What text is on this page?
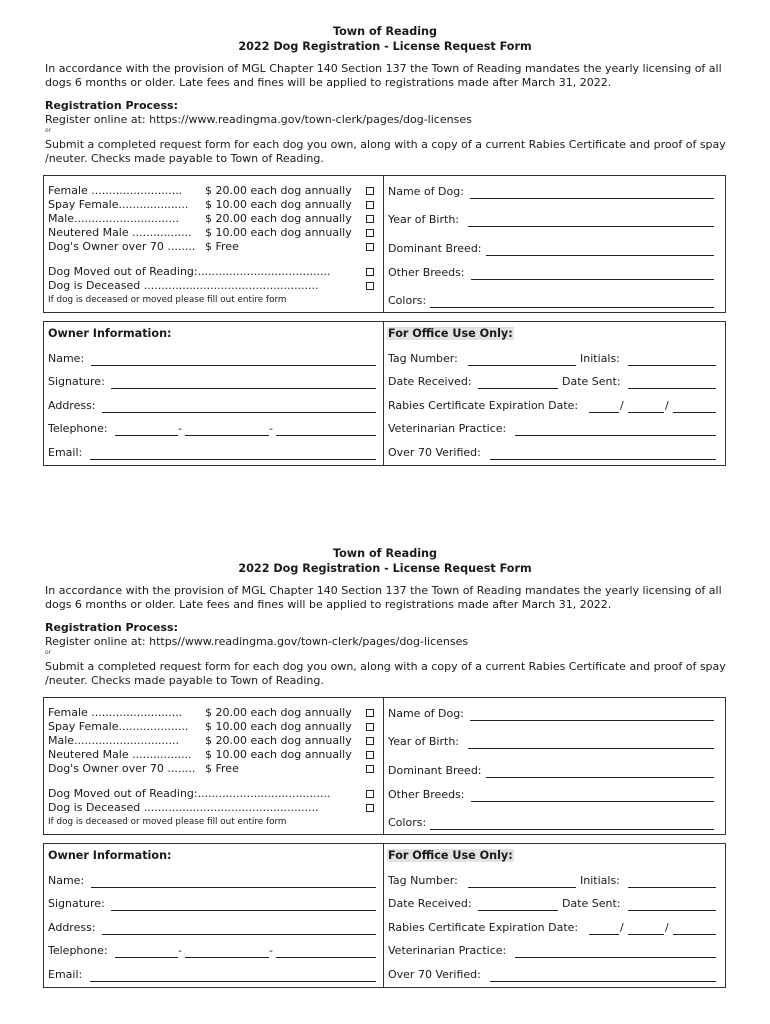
Town of Reading
2022 Dog Registration - License Request Form
In accordance with the provision of MGL Chapter 140 Section 137 the Town of Reading mandates the yearly licensing of all dogs 6 months or older. Late fees and fines will be applied to registrations made after March 31, 2022.
Registration Process:
Register online at: https://www.readingma.gov/town-clerk/pages/dog-licenses
or
Submit a completed request form for each dog you own, along with a copy of a current Rabies Certificate and proof of spay /neuter. Checks made payable to Town of Reading.
Female .......................... $ 20.00 each dog annually
Spay Female.................... $ 10.00 each dog annually
Male.............................. $ 20.00 each dog annually
Neutered Male ................. $ 10.00 each dog annually
Dog's Owner over 70 ........ $ Free
Dog Moved out of Reading:......................................
Dog is Deceased ..................................................
If dog is deceased or moved please fill out entire form
Name of Dog:
Year of Birth:
Dominant Breed:
Other Breeds:
Colors:
Owner Information:	For Office Use Only:
Name:
Signature:
Address:
Telephone:	-	-
Email:
Tag Number:	Initials:
Date Received:	Date Sent:
Rabies Certificate Expiration Date:	/	/
Veterinarian Practice:
Over 70 Verified:
Town of Reading
2022 Dog Registration - License Request Form
In accordance with the provision of MGL Chapter 140 Section 137 the Town of Reading mandates the yearly licensing of all dogs 6 months or older. Late fees and fines will be applied to registrations made after March 31, 2022.
Registration Process:
Register online at: https//www.readingma.gov/town-clerk/pages/dog-licenses
or
Submit a completed request form for each dog you own, along with a copy of a current Rabies Certificate and proof of spay /neuter. Checks made payable to Town of Reading.
Female .......................... $ 20.00 each dog annually
Spay Female.................... $ 10.00 each dog annually
Male.............................. $ 20.00 each dog annually
Neutered Male ................. $ 10.00 each dog annually
Dog's Owner over 70 ........ $ Free
Dog Moved out of Reading:......................................
Dog is Deceased ..................................................
If dog is deceased or moved please fill out entire form
Name of Dog:
Year of Birth:
Dominant Breed:
Other Breeds:
Colors:
Owner Information:	For Office Use Only:
Name:
Signature:
Address:
Telephone:	-	-
Email:
Tag Number:	Initials:
Date Received:	Date Sent:
Rabies Certificate Expiration Date:	/	/
Veterinarian Practice:
Over 70 Verified:
